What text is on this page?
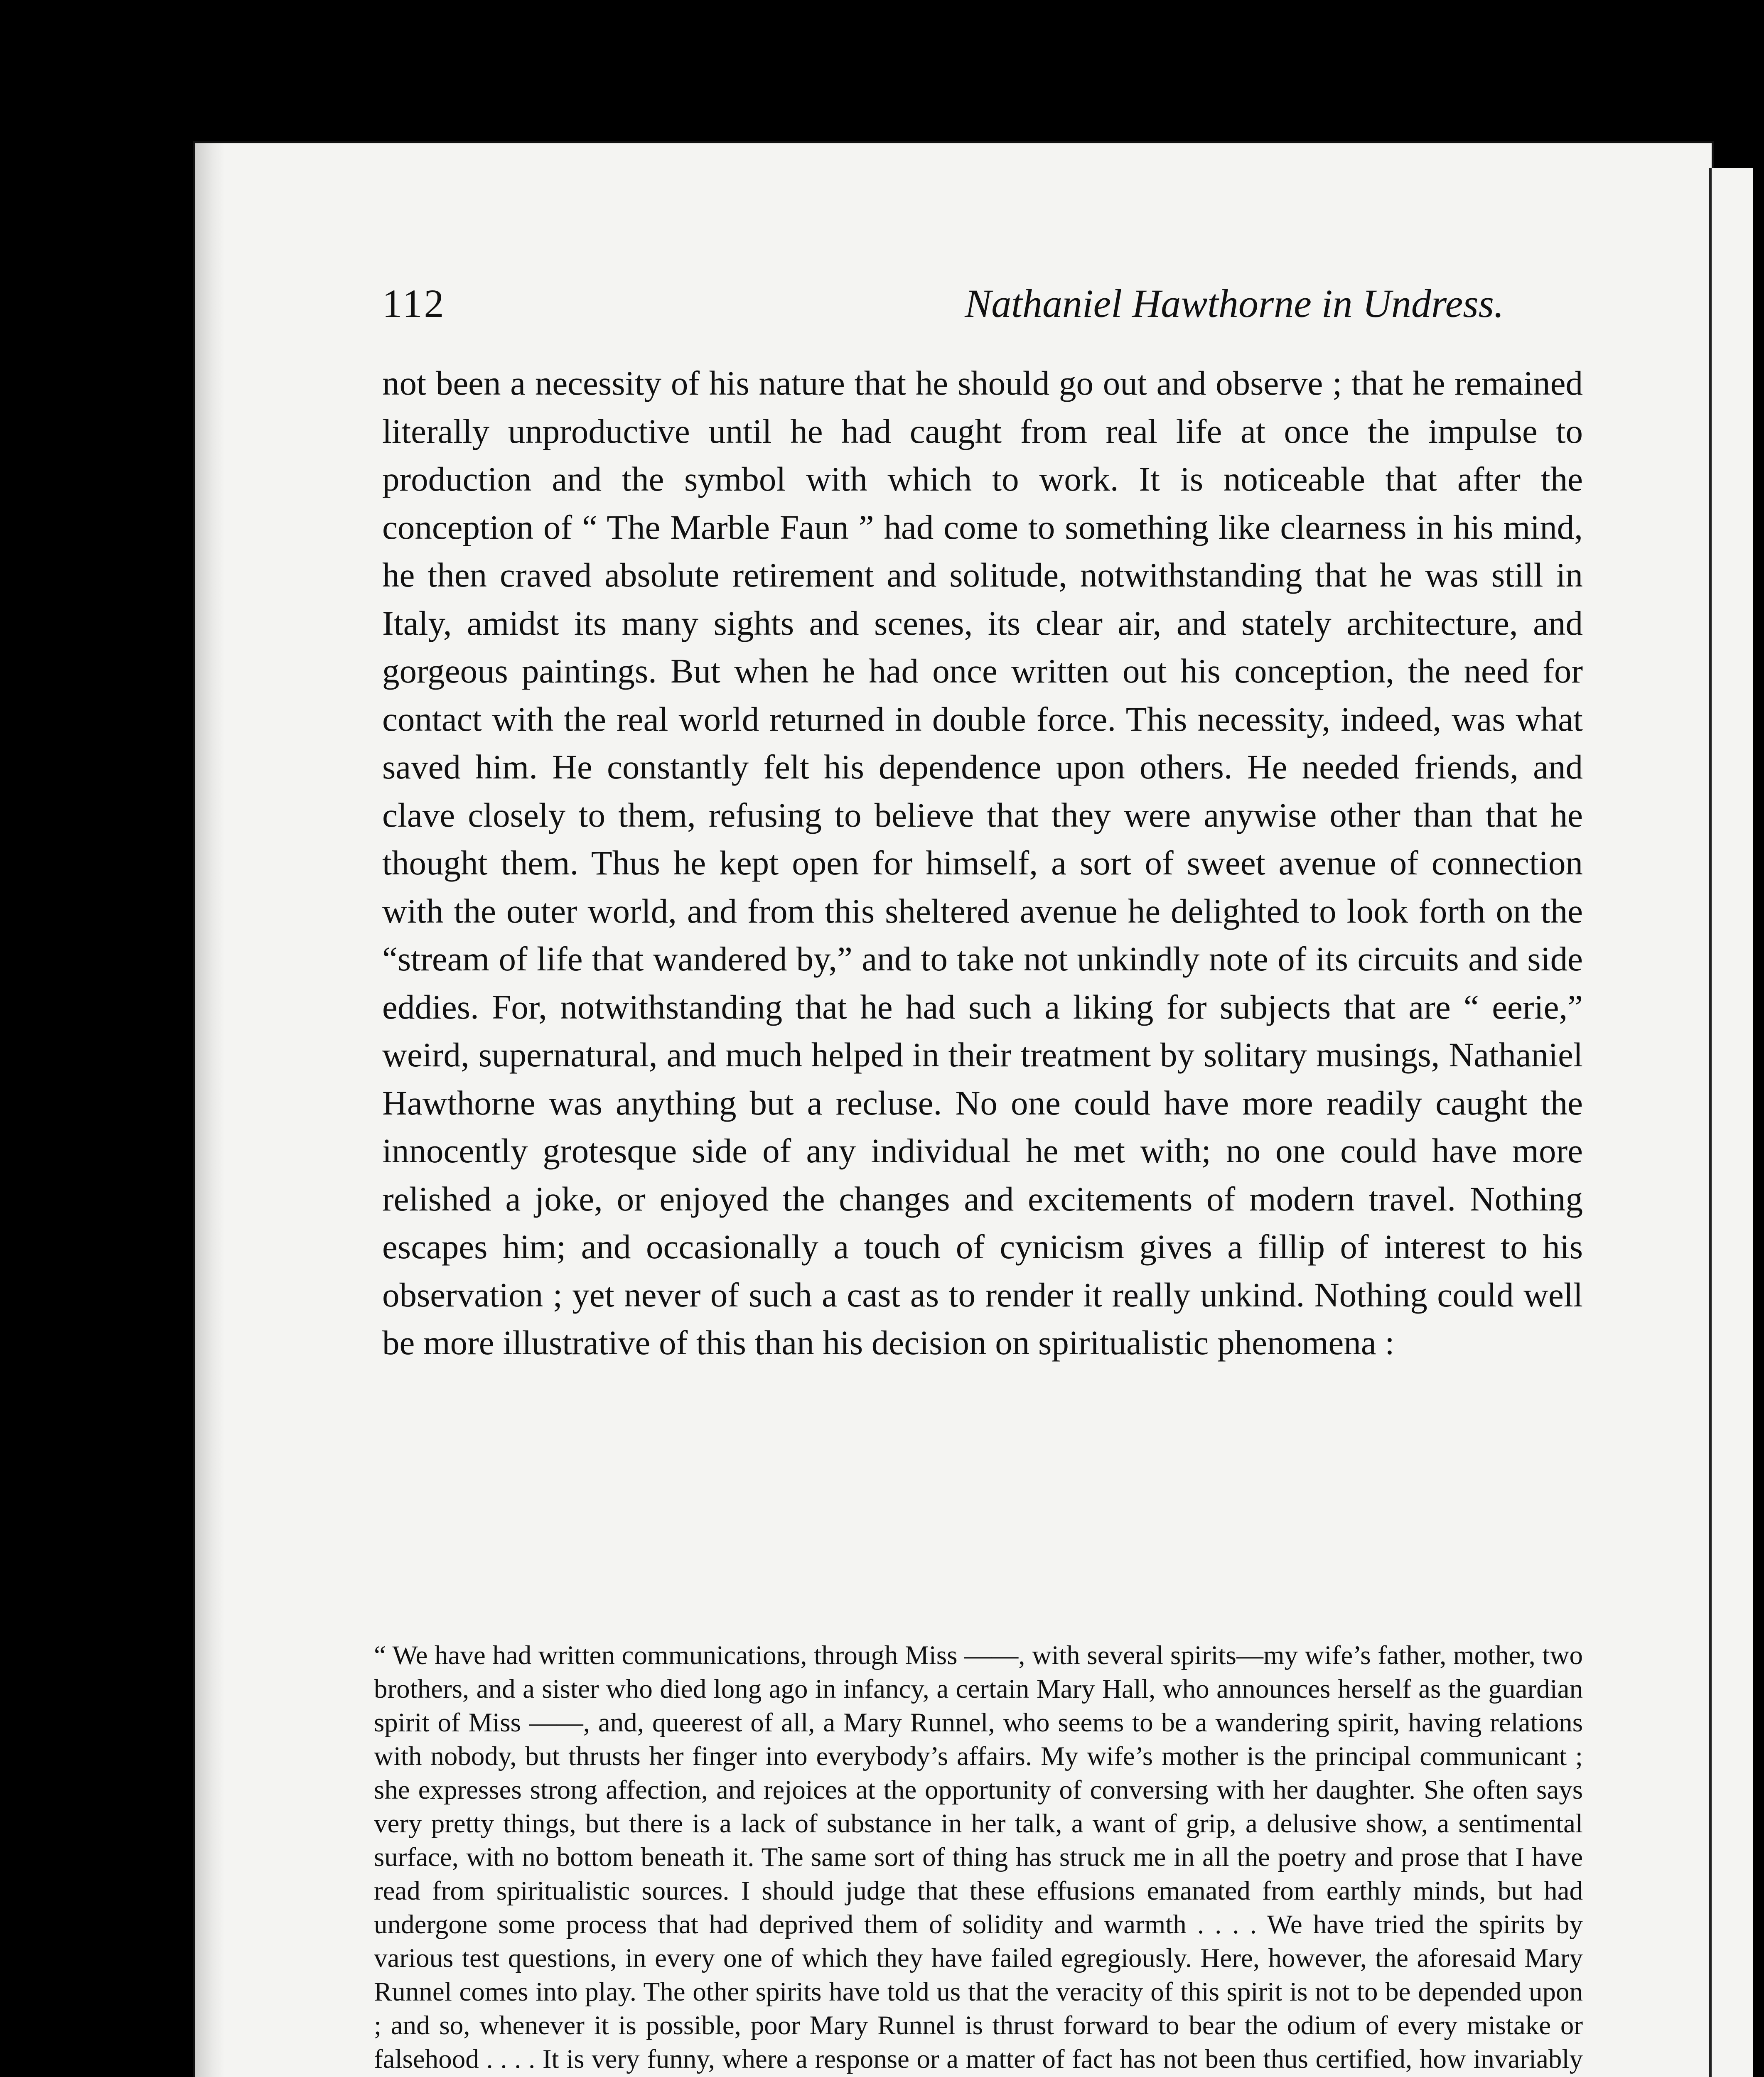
112	Nathaniel Hawthorne in Undress.

not been a necessity of his nature that he should go out and observe ; that he remained literally unproductive until he had caught from real life at once the impulse to production and the symbol with which to work. It is noticeable that after the conception of “ The Marble Faun ” had come to something like clearness in his mind, he then craved absolute retirement and solitude, notwithstanding that he was still in Italy, amidst its many sights and scenes, its clear air, and stately architecture, and gorgeous paintings. But when he had once written out his conception, the need for contact with the real world returned in double force. This necessity, indeed, was what saved him. He constantly felt his dependence upon others. He needed friends, and clave closely to them, refusing to believe that they were anywise other than that he thought them. Thus he kept open for himself, a sort of sweet avenue of connection with the outer world, and from this sheltered avenue he delighted to look forth on the “stream of life that wandered by,” and to take not unkindly note of its circuits and side eddies. For, notwithstanding that he had such a liking for subjects that are “ eerie,” weird, supernatural, and much helped in their treatment by solitary musings, Nathaniel Hawthorne was anything but a recluse. No one could have more readily caught the innocently grotesque side of any individual he met with; no one could have more relished a joke, or enjoyed the changes and excitements of modern travel. Nothing escapes him; and occasionally a touch of cynicism gives a fillip of interest to his observation ; yet never of such a cast as to render it really unkind. Nothing could well be more illustrative of this than his decision on spiritualistic phenomena :

“ We have had written communications, through Miss ——, with several spirits—my wife’s father, mother, two brothers, and a sister who died long ago in infancy, a certain Mary Hall, who announces herself as the guardian spirit of Miss ——, and, queerest of all, a Mary Runnel, who seems to be a wandering spirit, having relations with nobody, but thrusts her finger into everybody’s affairs. My wife’s mother is the principal communicant ; she expresses strong affection, and rejoices at the opportunity of conversing with her daughter. She often says very pretty things, but there is a lack of substance in her talk, a want of grip, a delusive show, a sentimental surface, with no bottom beneath it. The same sort of thing has struck me in all the poetry and prose that I have read from spiritualistic sources. I should judge that these effusions emanated from earthly minds, but had undergone some process that had deprived them of solidity and warmth . . . . We have tried the spirits by various test questions, in every one of which they have failed egregiously. Here, however, the aforesaid Mary Runnel comes into play. The other spirits have told us that the veracity of this spirit is not to be depended upon ; and so, whenever it is possible, poor Mary Runnel is thrust forward to bear the odium of every mistake or falsehood . . . . It is very funny, where a response or a matter of fact has not been thus certified, how invariably
